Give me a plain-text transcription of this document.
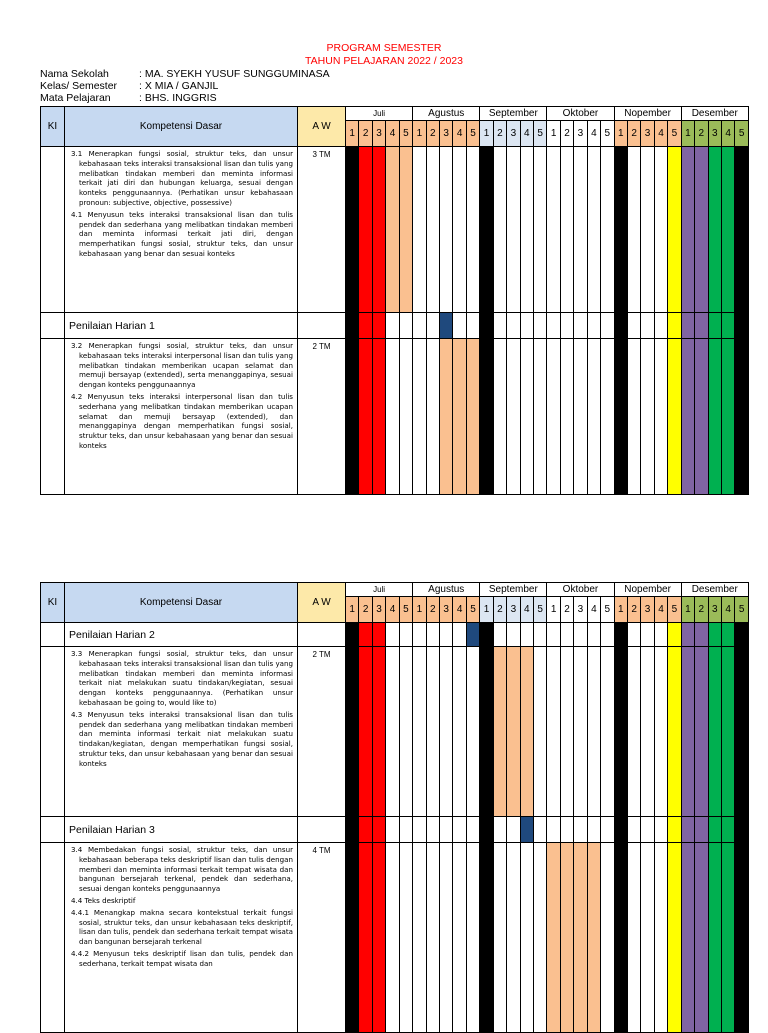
PROGRAM SEMESTER
TAHUN PELAJARAN 2022 / 2023
Nama Sekolah	: MA. SYEKH YUSUF SUNGGUMINASA
Kelas/ Semester : X MIA / GANJIL
Mata Pelajaran	: BHS. INGGRIS
KI	Kompetensi Dasar	A W	Juli					Agustus					September					Oktober					Nopember					Desember				
			1	2	3	4	5	1	2	3	4	5	1	2	3	4	5	1	2	3	4	5	1	2	3	4	5	1	2	3	4	5

	3.1 Menerapkan fungsi sosial, struktur teks, dan unsur kebahasaan teks interaksi transaksional lisan dan tulis yang melibatkan tindakan memberi dan meminta informasi terkait jati diri dan hubungan keluarga, sesuai dengan konteks penggunaannya. (Perhatikan unsur kebahasaan pronoun: subjective, objective, possessive)

4.1 Menyusun teks interaksi transaksional lisan dan tulis pendek dan sederhana yang melibatkan tindakan memberi dan meminta informasi terkait jati diri, dengan memperhatikan fungsi sosial, struktur teks, dan unsur kebahasaan yang benar dan sesuai konteks	3 TM																														
	Penilaian Harian 1																															

	3.2 Menerapkan fungsi sosial, struktur teks, dan unsur kebahasaan teks interaksi interpersonal lisan dan tulis yang melibatkan tindakan memberikan ucapan selamat dan memuji bersayap (extended), serta menanggapinya, sesuai dengan konteks penggunaannya

4.2 Menyusun teks interaksi interpersonal lisan dan tulis sederhana yang melibatkan tindakan memberikan ucapan selamat dan memuji bersayap (extended), dan menanggapinya dengan memperhatikan fungsi sosial, struktur teks, dan unsur kebahasaan yang benar dan sesuai konteks	2 TM																														
KI	Kompetensi Dasar	A W	Juli					Agustus					September					Oktober					Nopember					Desember				
			1	2	3	4	5	1	2	3	4	5	1	2	3	4	5	1	2	3	4	5	1	2	3	4	5	1	2	3	4	5
	Penilaian Harian 2																															

	3.3 Menerapkan fungsi sosial, struktur teks, dan unsur kebahasaan teks interaksi transaksional lisan dan tulis yang melibatkan tindakan memberi dan meminta informasi terkait niat melakukan suatu tindakan/kegiatan, sesuai dengan konteks penggunaannya. (Perhatikan unsur kebahasaan be going to, would like to)

4.3 Menyusun teks interaksi transaksional lisan dan tulis pendek dan sederhana yang melibatkan tindakan memberi dan meminta informasi terkait niat melakukan suatu tindakan/kegiatan, dengan memperhatikan fungsi sosial, struktur teks, dan unsur kebahasaan yang benar dan sesuai konteks	2 TM																														
	Penilaian Harian 3																															

	3.4 Membedakan fungsi sosial, struktur teks, dan unsur kebahasaan beberapa teks deskriptif lisan dan tulis dengan memberi dan meminta informasi terkait tempat wisata dan bangunan bersejarah terkenal, pendek dan sederhana, sesuai dengan konteks penggunaannya

4.4 Teks deskriptif

4.4.1 Menangkap makna secara kontekstual terkait fungsi sosial, struktur teks, dan unsur kebahasaan teks deskriptif, lisan dan tulis, pendek dan sederhana terkait tempat wisata dan bangunan bersejarah terkenal

4.4.2 Menyusun teks deskriptif lisan dan tulis, pendek dan sederhana, terkait tempat wisata dan	4 TM																														
